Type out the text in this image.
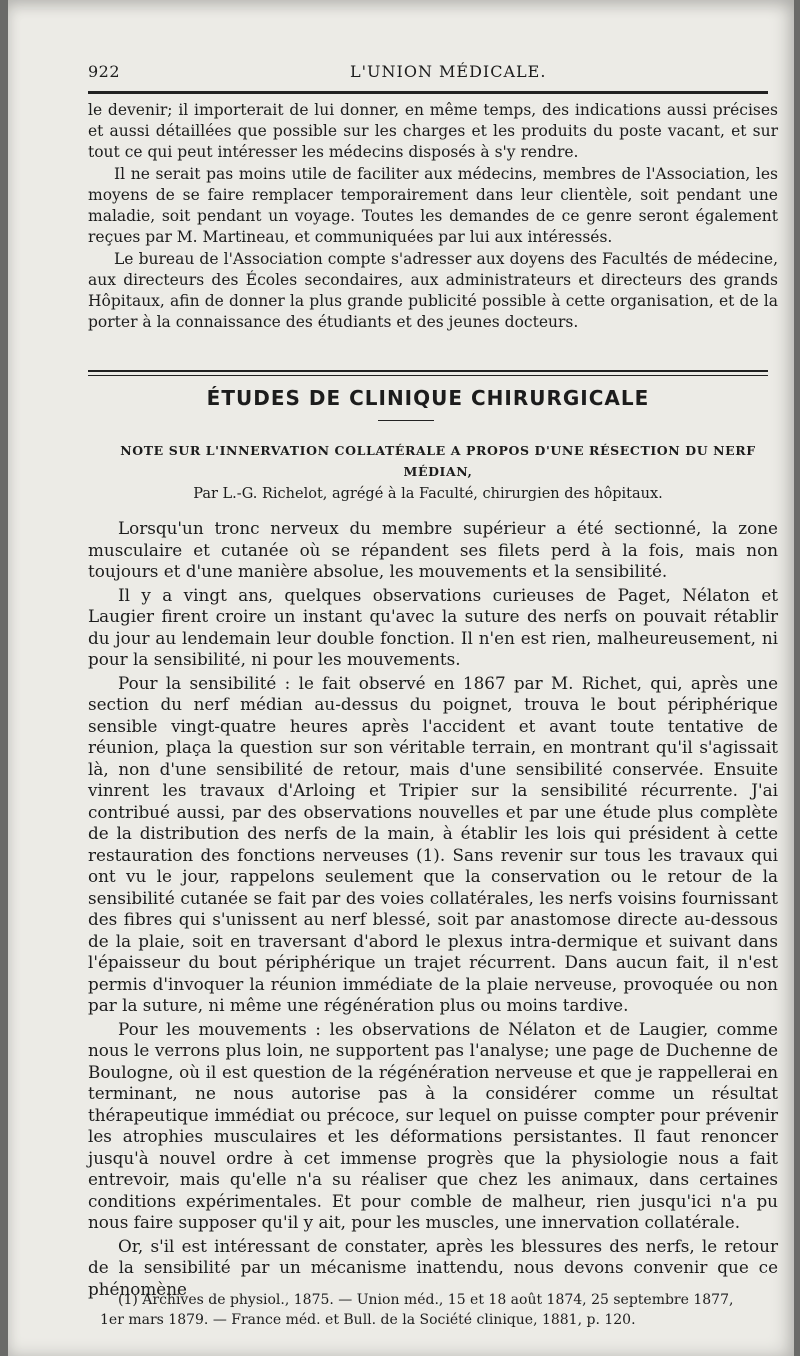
922	L'UNION MÉDICALE.

le devenir; il importerait de lui donner, en même temps, des indications aussi précises et aussi détaillées que possible sur les charges et les produits du poste vacant, et sur tout ce qui peut intéresser les médecins disposés à s'y rendre.

Il ne serait pas moins utile de faciliter aux médecins, membres de l'Association, les moyens de se faire remplacer temporairement dans leur clientèle, soit pendant une maladie, soit pendant un voyage. Toutes les demandes de ce genre seront également reçues par M. Martineau, et communiquées par lui aux intéressés.

Le bureau de l'Association compte s'adresser aux doyens des Facultés de médecine, aux directeurs des Écoles secondaires, aux administrateurs et directeurs des grands Hôpitaux, afin de donner la plus grande publicité possible à cette organisation, et de la porter à la connaissance des étudiants et des jeunes docteurs.

ÉTUDES DE CLINIQUE CHIRURGICALE
NOTE SUR L'INNERVATION COLLATÉRALE A PROPOS D'UNE RÉSECTION DU NERF
MÉDIAN,
Par L.-G. Richelot, agrégé à la Faculté, chirurgien des hôpitaux.

Lorsqu'un tronc nerveux du membre supérieur a été sectionné, la zone musculaire et cutanée où se répandent ses filets perd à la fois, mais non toujours et d'une manière absolue, les mouvements et la sensibilité.

Il y a vingt ans, quelques observations curieuses de Paget, Nélaton et Laugier firent croire un instant qu'avec la suture des nerfs on pouvait rétablir du jour au lendemain leur double fonction. Il n'en est rien, malheureusement, ni pour la sensibilité, ni pour les mouvements.

Pour la sensibilité : le fait observé en 1867 par M. Richet, qui, après une section du nerf médian au-dessus du poignet, trouva le bout périphérique sensible vingt-quatre heures après l'accident et avant toute tentative de réunion, plaça la question sur son véritable terrain, en montrant qu'il s'agissait là, non d'une sensibilité de retour, mais d'une sensibilité conservée. Ensuite vinrent les travaux d'Arloing et Tripier sur la sensibilité récurrente. J'ai contribué aussi, par des observations nouvelles et par une étude plus complète de la distribution des nerfs de la main, à établir les lois qui président à cette restauration des fonctions nerveuses (1). Sans revenir sur tous les travaux qui ont vu le jour, rappelons seulement que la conservation ou le retour de la sensibilité cutanée se fait par des voies collatérales, les nerfs voisins fournissant des fibres qui s'unissent au nerf blessé, soit par anastomose directe au-dessous de la plaie, soit en traversant d'abord le plexus intra-dermique et suivant dans l'épaisseur du bout périphérique un trajet récurrent. Dans aucun fait, il n'est permis d'invoquer la réunion immédiate de la plaie nerveuse, provoquée ou non par la suture, ni même une régénération plus ou moins tardive.

Pour les mouvements : les observations de Nélaton et de Laugier, comme nous le verrons plus loin, ne supportent pas l'analyse; une page de Duchenne de Boulogne, où il est question de la régénération nerveuse et que je rappellerai en terminant, ne nous autorise pas à la considérer comme un résultat thérapeutique immédiat ou précoce, sur lequel on puisse compter pour prévenir les atrophies musculaires et les déformations persistantes. Il faut renoncer jusqu'à nouvel ordre à cet immense progrès que la physiologie nous a fait entrevoir, mais qu'elle n'a su réaliser que chez les animaux, dans certaines conditions expérimentales. Et pour comble de malheur, rien jusqu'ici n'a pu nous faire supposer qu'il y ait, pour les muscles, une innervation collatérale.

Or, s'il est intéressant de constater, après les blessures des nerfs, le retour de la sensibilité par un mécanisme inattendu, nous devons convenir que ce phénomène

(1) Archives de physiol., 1875. — Union méd., 15 et 18 août 1874, 25 septembre 1877,

1er mars 1879. — France méd. et Bull. de la Société clinique, 1881, p. 120.
